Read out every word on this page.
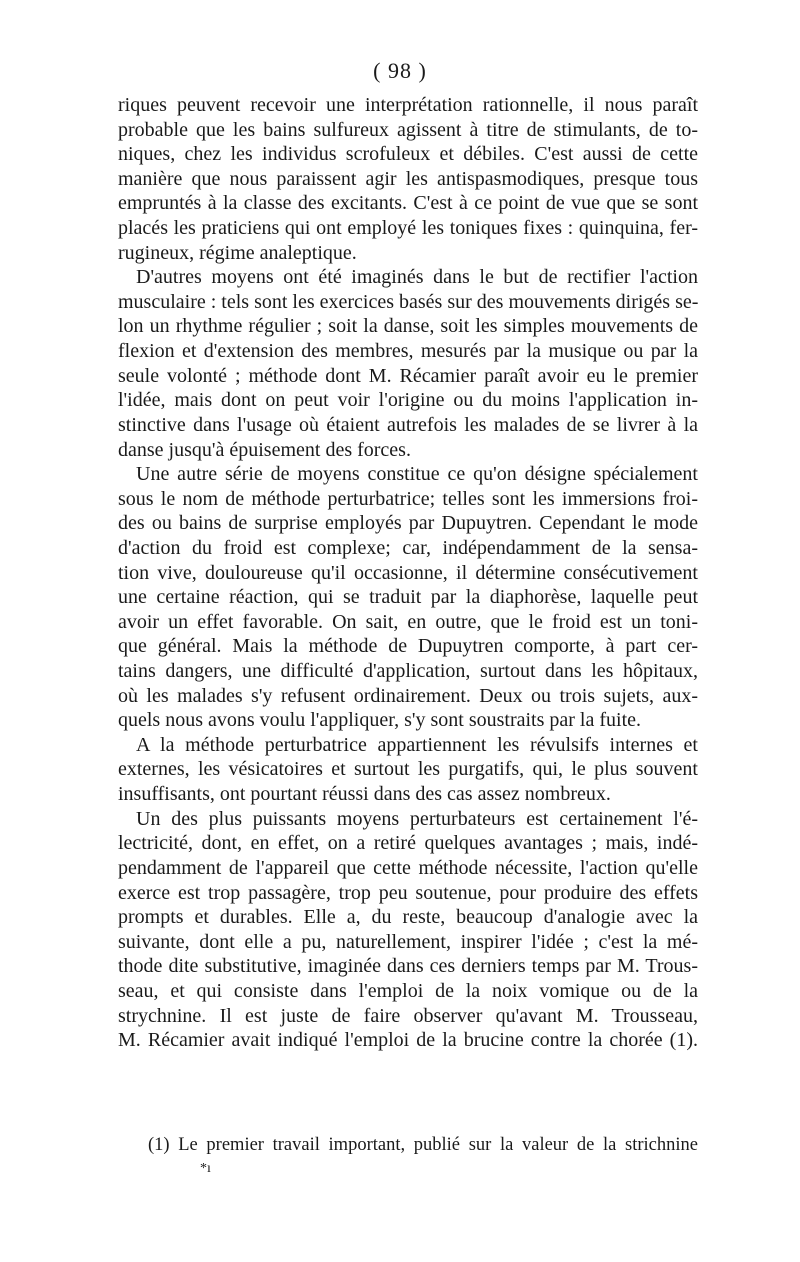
( 98 )
riques peuvent recevoir une interprétation rationnelle, il nous paraît
probable que les bains sulfureux agissent à titre de stimulants, de to-
niques, chez les individus scrofuleux et débiles. C'est aussi de cette
manière que nous paraissent agir les antispasmodiques, presque tous
empruntés à la classe des excitants. C'est à ce point de vue que se sont
placés les praticiens qui ont employé les toniques fixes : quinquina, fer-
rugineux, régime analeptique.
D'autres moyens ont été imaginés dans le but de rectifier l'action
musculaire : tels sont les exercices basés sur des mouvements dirigés se-
lon un rhythme régulier ; soit la danse, soit les simples mouvements de
flexion et d'extension des membres, mesurés par la musique ou par la
seule volonté ; méthode dont M. Récamier paraît avoir eu le premier
l'idée, mais dont on peut voir l'origine ou du moins l'application in-
stinctive dans l'usage où étaient autrefois les malades de se livrer à la
danse jusqu'à épuisement des forces.
Une autre série de moyens constitue ce qu'on désigne spécialement
sous le nom de méthode perturbatrice; telles sont les immersions froi-
des ou bains de surprise employés par Dupuytren. Cependant le mode
d'action du froid est complexe; car, indépendamment de la sensa-
tion vive, douloureuse qu'il occasionne, il détermine consécutivement
une certaine réaction, qui se traduit par la diaphorèse, laquelle peut
avoir un effet favorable. On sait, en outre, que le froid est un toni-
que général. Mais la méthode de Dupuytren comporte, à part cer-
tains dangers, une difficulté d'application, surtout dans les hôpitaux,
où les malades s'y refusent ordinairement. Deux ou trois sujets, aux-
quels nous avons voulu l'appliquer, s'y sont soustraits par la fuite.
A la méthode perturbatrice appartiennent les révulsifs internes et
externes, les vésicatoires et surtout les purgatifs, qui, le plus souvent
insuffisants, ont pourtant réussi dans des cas assez nombreux.
Un des plus puissants moyens perturbateurs est certainement l'é-
lectricité, dont, en effet, on a retiré quelques avantages ; mais, indé-
pendamment de l'appareil que cette méthode nécessite, l'action qu'elle
exerce est trop passagère, trop peu soutenue, pour produire des effets
prompts et durables. Elle a, du reste, beaucoup d'analogie avec la
suivante, dont elle a pu, naturellement, inspirer l'idée ; c'est la mé-
thode dite substitutive, imaginée dans ces derniers temps par M. Trous-
seau, et qui consiste dans l'emploi de la noix vomique ou de la
strychnine. Il est juste de faire observer qu'avant M. Trousseau,
M. Récamier avait indiqué l'emploi de la brucine contre la chorée (1).
(1) Le premier travail important, publié sur la valeur de la strichnine
*ı
